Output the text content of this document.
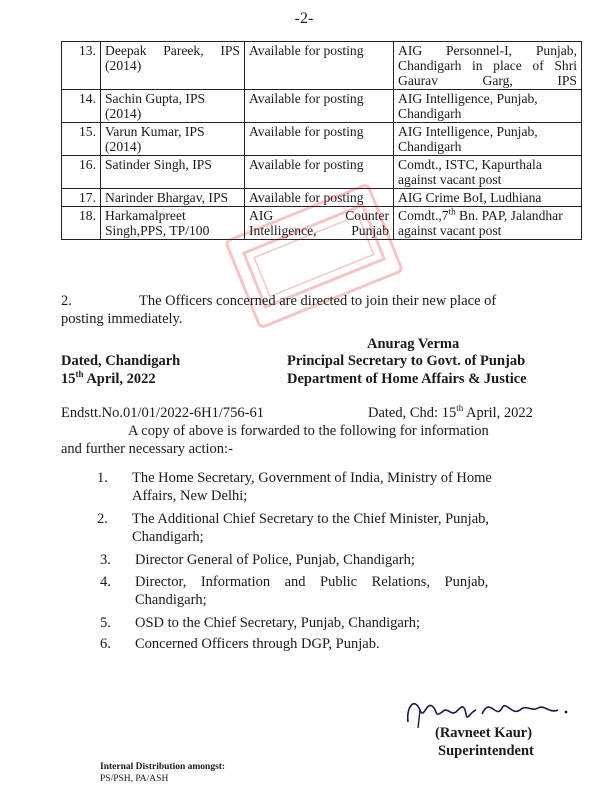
-2-
13.	Deepak Pareek, IPS (2014)	Available for posting	AIG Personnel-I, Punjab, Chandigarh in place of Shri Gaurav Garg, IPS
14.	Sachin Gupta, IPS (2014)	Available for posting	AIG Intelligence, Punjab, Chandigarh
15.	Varun Kumar, IPS (2014)	Available for posting	AIG Intelligence, Punjab, Chandigarh
16.	Satinder Singh, IPS	Available for posting	Comdt., ISTC, Kapurthala against vacant post
17.	Narinder Bhargav, IPS	Available for posting	AIG Crime BoI, Ludhiana
18.	Harkamalpreet Singh,PPS, TP/100	AIG Counter Intelligence, Punjab	Comdt.,7th Bn. PAP, Jalandhar against vacant post
2.	The Officers concerned are directed to join their new place of
posting immediately.
Anurag Verma
Principal Secretary to Govt. of Punjab
Department of Home Affairs & Justice
Dated, Chandigarh
15th April, 2022
Endstt.No.01/01/2022-6H1/756-61	Dated, Chd: 15th April, 2022
A copy of above is forwarded to the following for information
and further necessary action:-
1. The Home Secretary, Government of India, Ministry of Home
Affairs, New Delhi;
2. The Additional Chief Secretary to the Chief Minister, Punjab,
Chandigarh;
3. Director General of Police, Punjab, Chandigarh;
4. Director,    Information    and    Public    Relations,    Punjab,
Chandigarh;
5. OSD to the Chief Secretary, Punjab, Chandigarh;
6. Concerned Officers through DGP, Punjab.
(Ravneet Kaur)
Superintendent
Internal Distribution amongst:
PS/PSH, PA/ASH
